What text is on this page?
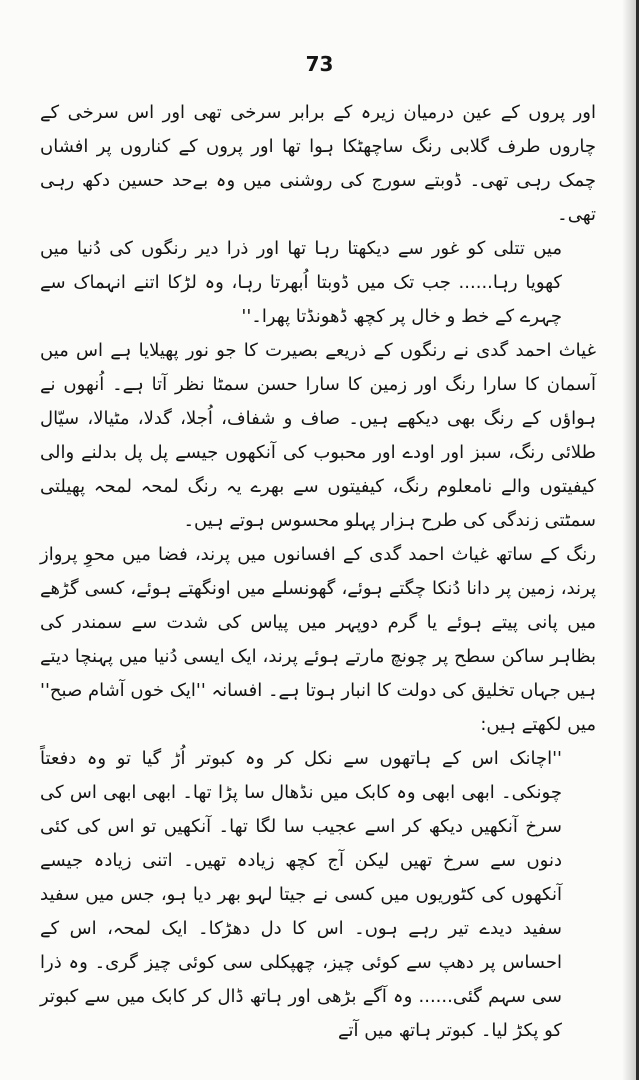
73

اور پروں کے عین درمیان زیرہ کے برابر سرخی تھی اور اس سرخی کے چاروں طرف گلابی رنگ ساچھٹکا ہوا تھا اور پروں کے کناروں پر افشاں چمک رہی تھی۔ ڈوبتے سورج کی روشنی میں وہ بےحد حسین دکھ رہی تھی۔

میں تتلی کو غور سے دیکھتا رہا تھا اور ذرا دیر رنگوں کی دُنیا میں کھویا رہا...... جب تک میں ڈوبتا اُبھرتا رہا، وہ لڑکا اتنے انہماک سے چہرے کے خط و خال پر کچھ ڈھونڈتا پھرا۔''

غیاث احمد گدی نے رنگوں کے ذریعے بصیرت کا جو نور پھیلایا ہے اس میں آسمان کا سارا رنگ اور زمین کا سارا حسن سمٹا نظر آتا ہے۔ اُنھوں نے ہواؤں کے رنگ بھی دیکھے ہیں۔ صاف و شفاف، اُجلا، گدلا، مٹیالا، سیّال طلائی رنگ، سبز اور اودے اور محبوب کی آنکھوں جیسے پل پل بدلنے والی کیفیتوں والے نامعلوم رنگ، کیفیتوں سے بھرے یہ رنگ لمحہ لمحہ پھیلتی سمٹتی زندگی کی طرح ہزار پہلو محسوس ہوتے ہیں۔

رنگ کے ساتھ غیاث احمد گدی کے افسانوں میں پرند، فضا میں محوِ پرواز پرند، زمین پر دانا دُنکا چگتے ہوئے، گھونسلے میں اونگھتے ہوئے، کسی گڑھے میں پانی پیتے ہوئے یا گرم دوپہر میں پیاس کی شدت سے سمندر کی بظاہر ساکن سطح پر چونچ مارتے ہوئے پرند، ایک ایسی دُنیا میں پہنچا دیتے ہیں جہاں تخلیق کی دولت کا انبار ہوتا ہے۔ افسانہ ''ایک خوں آشام صبح'' میں لکھتے ہیں:

''اچانک اس کے ہاتھوں سے نکل کر وہ کبوتر اُڑ گیا تو وہ دفعتاً چونکی۔ ابھی ابھی وہ کابک میں نڈھال سا پڑا تھا۔ ابھی ابھی اس کی سرخ آنکھیں دیکھ کر اسے عجیب سا لگا تھا۔ آنکھیں تو اس کی کئی دنوں سے سرخ تھیں لیکن آج کچھ زیادہ تھیں۔ اتنی زیادہ جیسے آنکھوں کی کٹوریوں میں کسی نے جیتا لہو بھر دیا ہو، جس میں سفید سفید دیدے تیر رہے ہوں۔ اس کا دل دھڑکا۔ ایک لمحہ، اس کے احساس پر دھپ سے کوئی چیز، چھپکلی سی کوئی چیز گری۔ وہ ذرا سی سہم گئی...... وہ آگے بڑھی اور ہاتھ ڈال کر کابک میں سے کبوتر کو پکڑ لیا۔ کبوتر ہاتھ میں آتے
